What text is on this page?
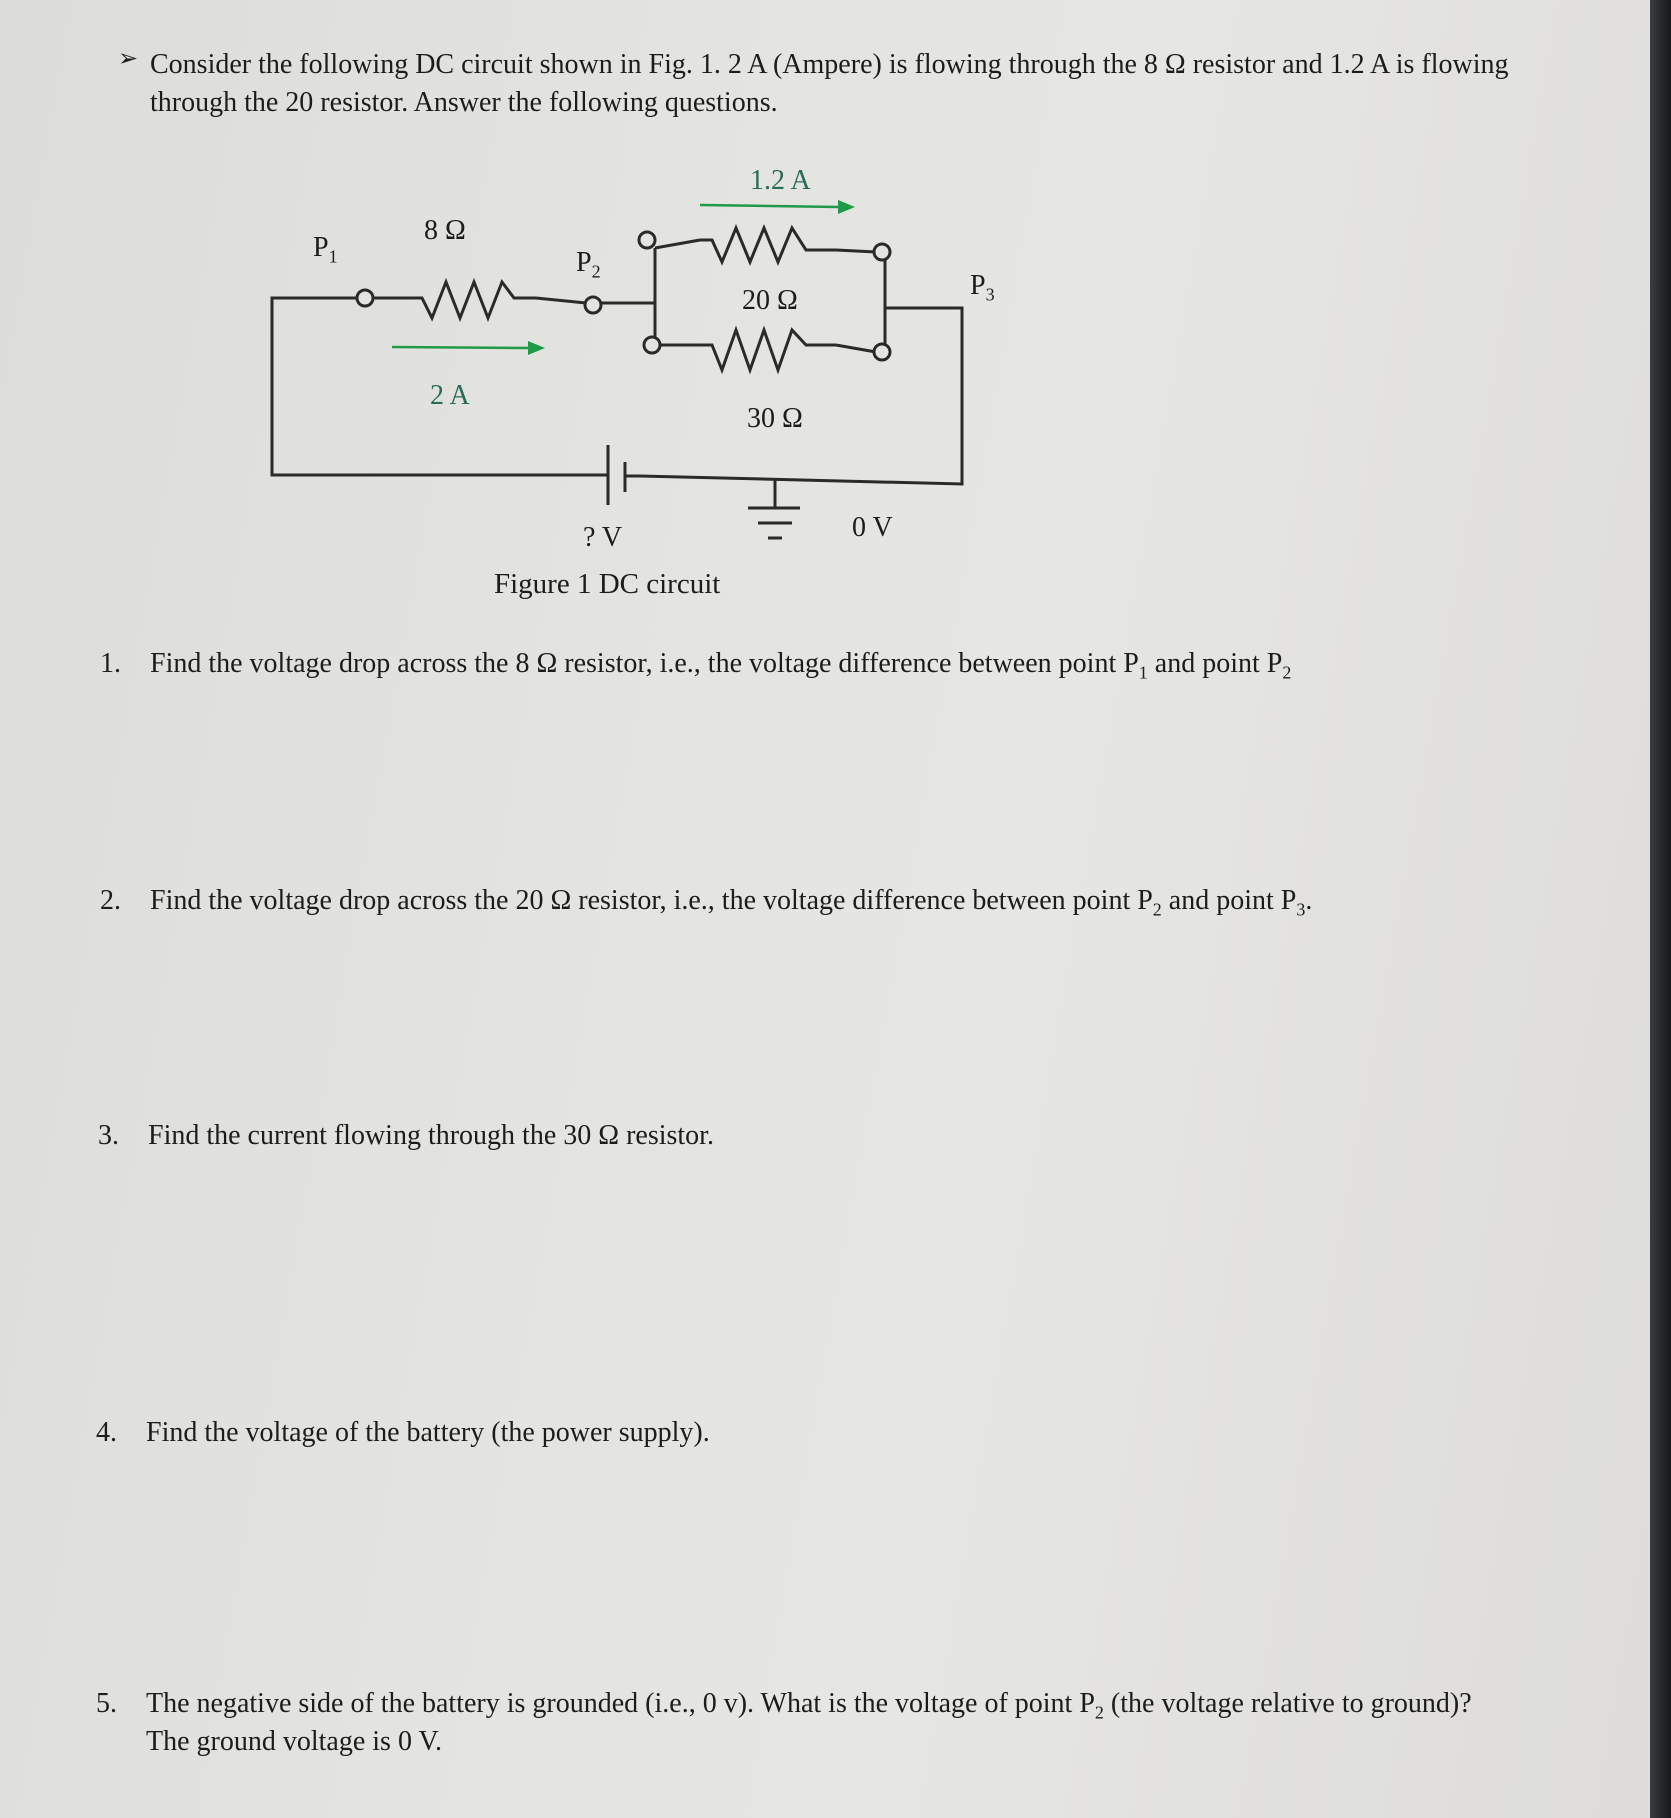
➢ Consider the following DC circuit shown in Fig. 1. 2 A (Ampere) is flowing through the 8 Ω resistor and 1.2 A is flowing through the 20 resistor. Answer the following questions.
$P_1$	$P_2$	$P_3$
8 Ω
20 Ω
30 Ω
1.2 A
2 A
? V	0 V
Figure 1 DC circuit
1. Find the voltage drop across the 8 Ω resistor, i.e., the voltage difference between point $P_1$ and point $P_2$
2. Find the voltage drop across the 20 Ω resistor, i.e., the voltage difference between point $P_2$ and point $P_3$.
3. Find the current flowing through the 30 Ω resistor.
4. Find the voltage of the battery (the power supply).
5. The negative side of the battery is grounded (i.e., 0 v). What is the voltage of point $P_2$ (the voltage relative to ground)?
The ground voltage is 0 V.
